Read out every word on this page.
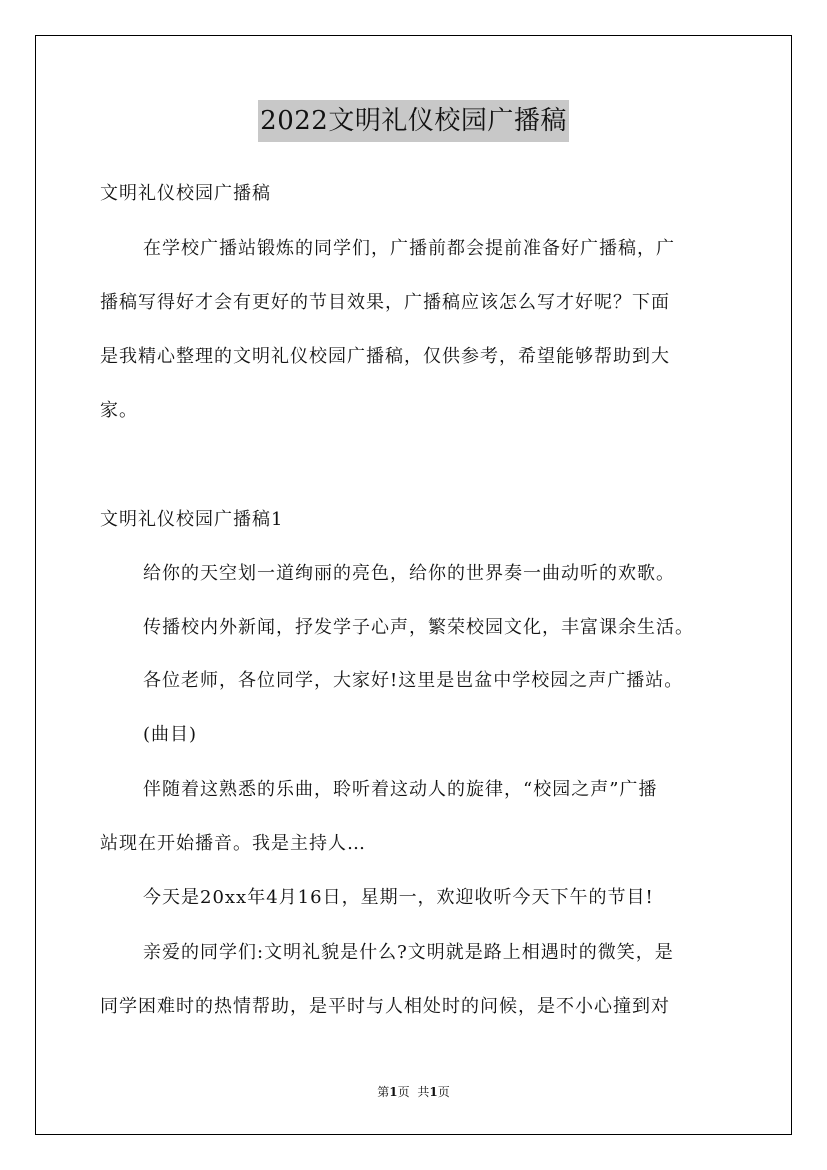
2022文明礼仪校园广播稿
文明礼仪校园广播稿
在学校广播站锻炼的同学们，广播前都会提前准备好广播稿，广
播稿写得好才会有更好的节目效果，广播稿应该怎么写才好呢？下面
是我精心整理的文明礼仪校园广播稿，仅供参考，希望能够帮助到大
家。
文明礼仪校园广播稿1
给你的天空划一道绚丽的亮色，给你的世界奏一曲动听的欢歌。
传播校内外新闻，抒发学子心声，繁荣校园文化，丰富课余生活。
各位老师，各位同学，大家好!这里是岜盆中学校园之声广播站。
(曲目)
伴随着这熟悉的乐曲，聆听着这动人的旋律，“校园之声”广播
站现在开始播音。我是主持人…
今天是20xx年4月16日，星期一，欢迎收听今天下午的节目!
亲爱的同学们:文明礼貌是什么?文明就是路上相遇时的微笑，是
同学困难时的热情帮助，是平时与人相处时的问候，是不小心撞到对
第1页 共1页
